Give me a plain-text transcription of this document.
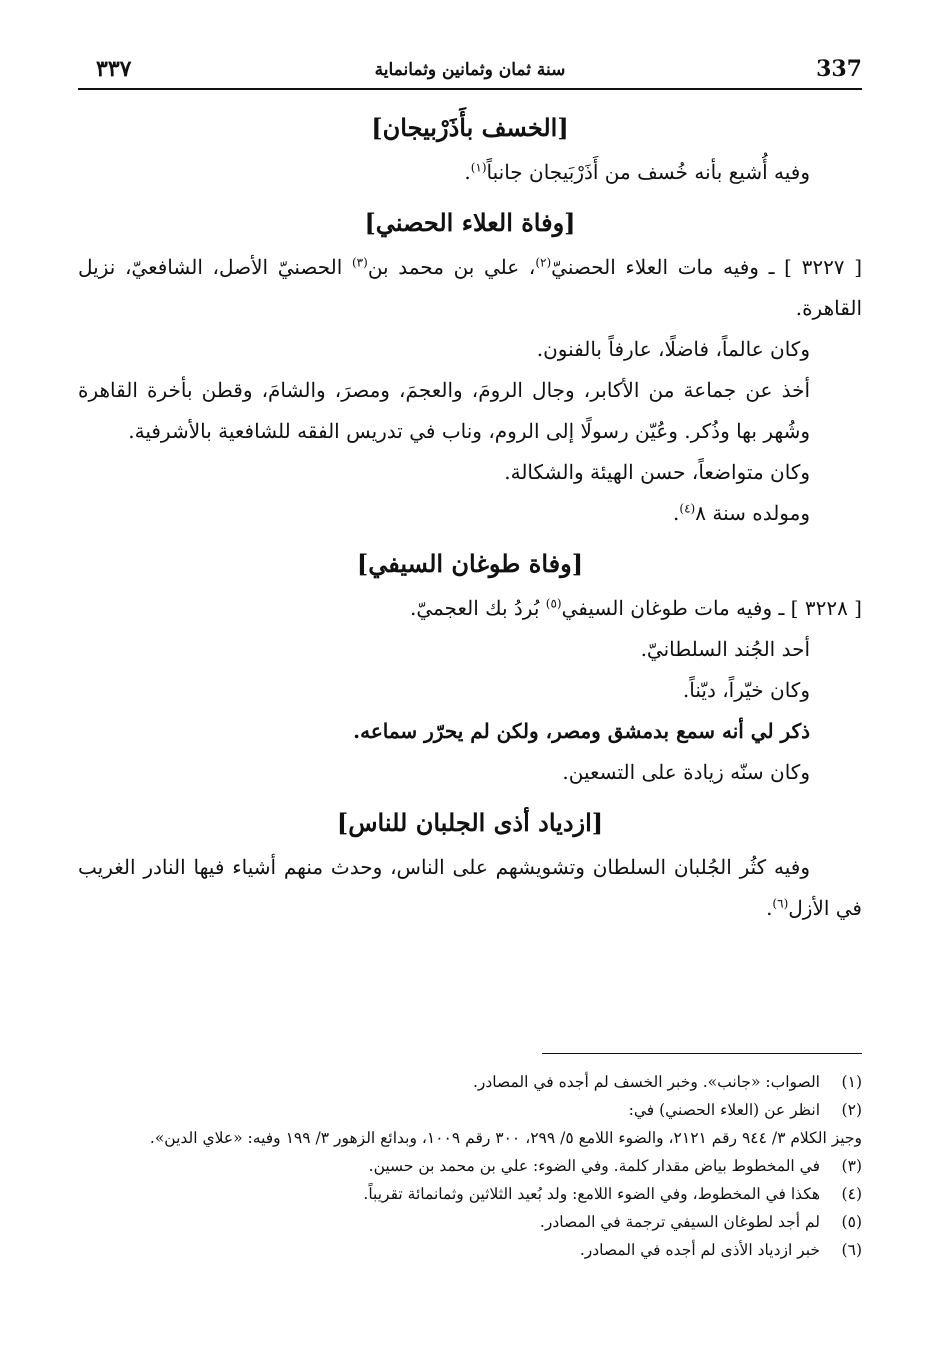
337
سنة ثمان وثمانين وثمانماية
٣٣٧
[الخسف بأَذَرْبيجان]

وفيه أُشيع بأنه خُسف من أَذَرْبَيجان جانباً$^{(١)}$.

[وفاة العلاء الحصني]

[ ٣٢٢٧ ] ـ وفيه مات العلاء الحصنيّ$^{(٢)}$، علي بن محمد بن$^{(٣)}$ الحصنيّ الأصل، الشافعيّ، نزيل القاهرة.

وكان عالماً، فاضلًا، عارفاً بالفنون.

أخذ عن جماعة من الأكابر، وجال الرومَ، والعجمَ، ومصرَ، والشامَ، وقطن بأخرة القاهرة وشُهر بها وذُكر. وعُيّن رسولًا إلى الروم، وناب في تدريس الفقه للشافعية بالأشرفية.

وكان متواضعاً، حسن الهيئة والشكالة.

ومولده سنة ٨$^{(٤)}$.

[وفاة طوغان السيفي]

[ ٣٢٢٨ ] ـ وفيه مات طوغان السيفي$^{(٥)}$ بُردُ بك العجميّ.

أحد الجُند السلطانيّ.

وكان خيّراً، ديّناً.

ذكر لي أنه سمع بدمشق ومصر، ولكن لم يحرّر سماعه.

وكان سنّه زيادة على التسعين.

[ازدياد أذى الجلبان للناس]

وفيه كثُر الجُلبان السلطان وتشويشهم على الناس، وحدث منهم أشياء فيها النادر الغريب في الأزل$^{(٦)}$.

(١)
الصواب: «جانب». وخبر الخسف لم أجده في المصادر.
(٢)
انظر عن (العلاء الحصني) في:
وجيز الكلام ٣/ ٩٤٤ رقم ٢١٢١، والضوء اللامع ٥/ ٢٩٩، ٣٠٠ رقم ١٠٠٩، وبدائع الزهور ٣/ ١٩٩ وفيه: «علاي الدين».
(٣)
في المخطوط بياض مقدار كلمة. وفي الضوء: علي بن محمد بن حسين.
(٤)
هكذا في المخطوط، وفي الضوء اللامع: ولد بُعيد الثلاثين وثمانمائة تقريباً.
(٥)
لم أجد لطوغان السيفي ترجمة في المصادر.
(٦)
خبر ازدياد الأذى لم أجده في المصادر.
